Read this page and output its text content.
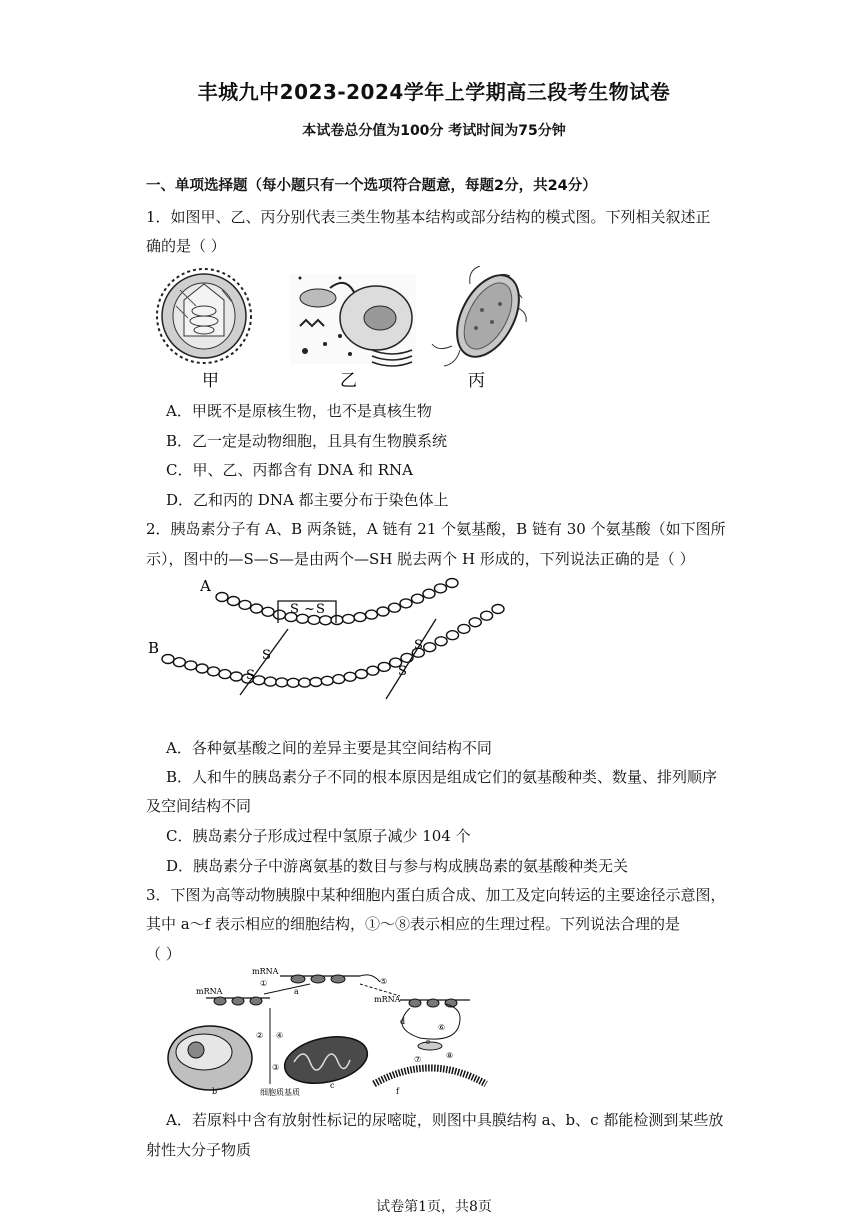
丰城九中2023-2024学年上学期高三段考生物试卷
本试卷总分值为100分 考试时间为75分钟
一、单项选择题（每小题只有一个选项符合题意，每题2分，共24分）
1．如图甲、乙、丙分别代表三类生物基本结构或部分结构的模式图。下列相关叙述正
确的是（ ）
甲	乙	丙
A．甲既不是原核生物，也不是真核生物
B．乙一定是动物细胞，且具有生物膜系统
C．甲、乙、丙都含有 DNA 和 RNA
D．乙和丙的 DNA 都主要分布于染色体上
2．胰岛素分子有 A、B 两条链，A 链有 21 个氨基酸，B 链有 30 个氨基酸（如下图所
示），图中的—S—S—是由两个—SH 脱去两个 H 形成的，下列说法正确的是（ ）
A
B
S ~ S
S
S
S
S
A．各种氨基酸之间的差异主要是其空间结构不同
B．人和牛的胰岛素分子不同的根本原因是组成它们的氨基酸种类、数量、排列顺序
及空间结构不同
C．胰岛素分子形成过程中氢原子减少 104 个
D．胰岛素分子中游离氨基的数目与参与构成胰岛素的氨基酸种类无关
3．下图为高等动物胰腺中某种细胞内蛋白质合成、加工及定向转运的主要途径示意图，
其中 a～f 表示相应的细胞结构，①～⑧表示相应的生理过程。下列说法合理的是
（ ）
mRNA
a
mRNA
mRNA
d
①	⑤
② ④
③
细胞质基质
b
c
⑥
e
⑦	⑧
f
A．若原料中含有放射性标记的尿嘧啶，则图中具膜结构 a、b、c 都能检测到某些放
射性大分子物质
试卷第1页，共8页
